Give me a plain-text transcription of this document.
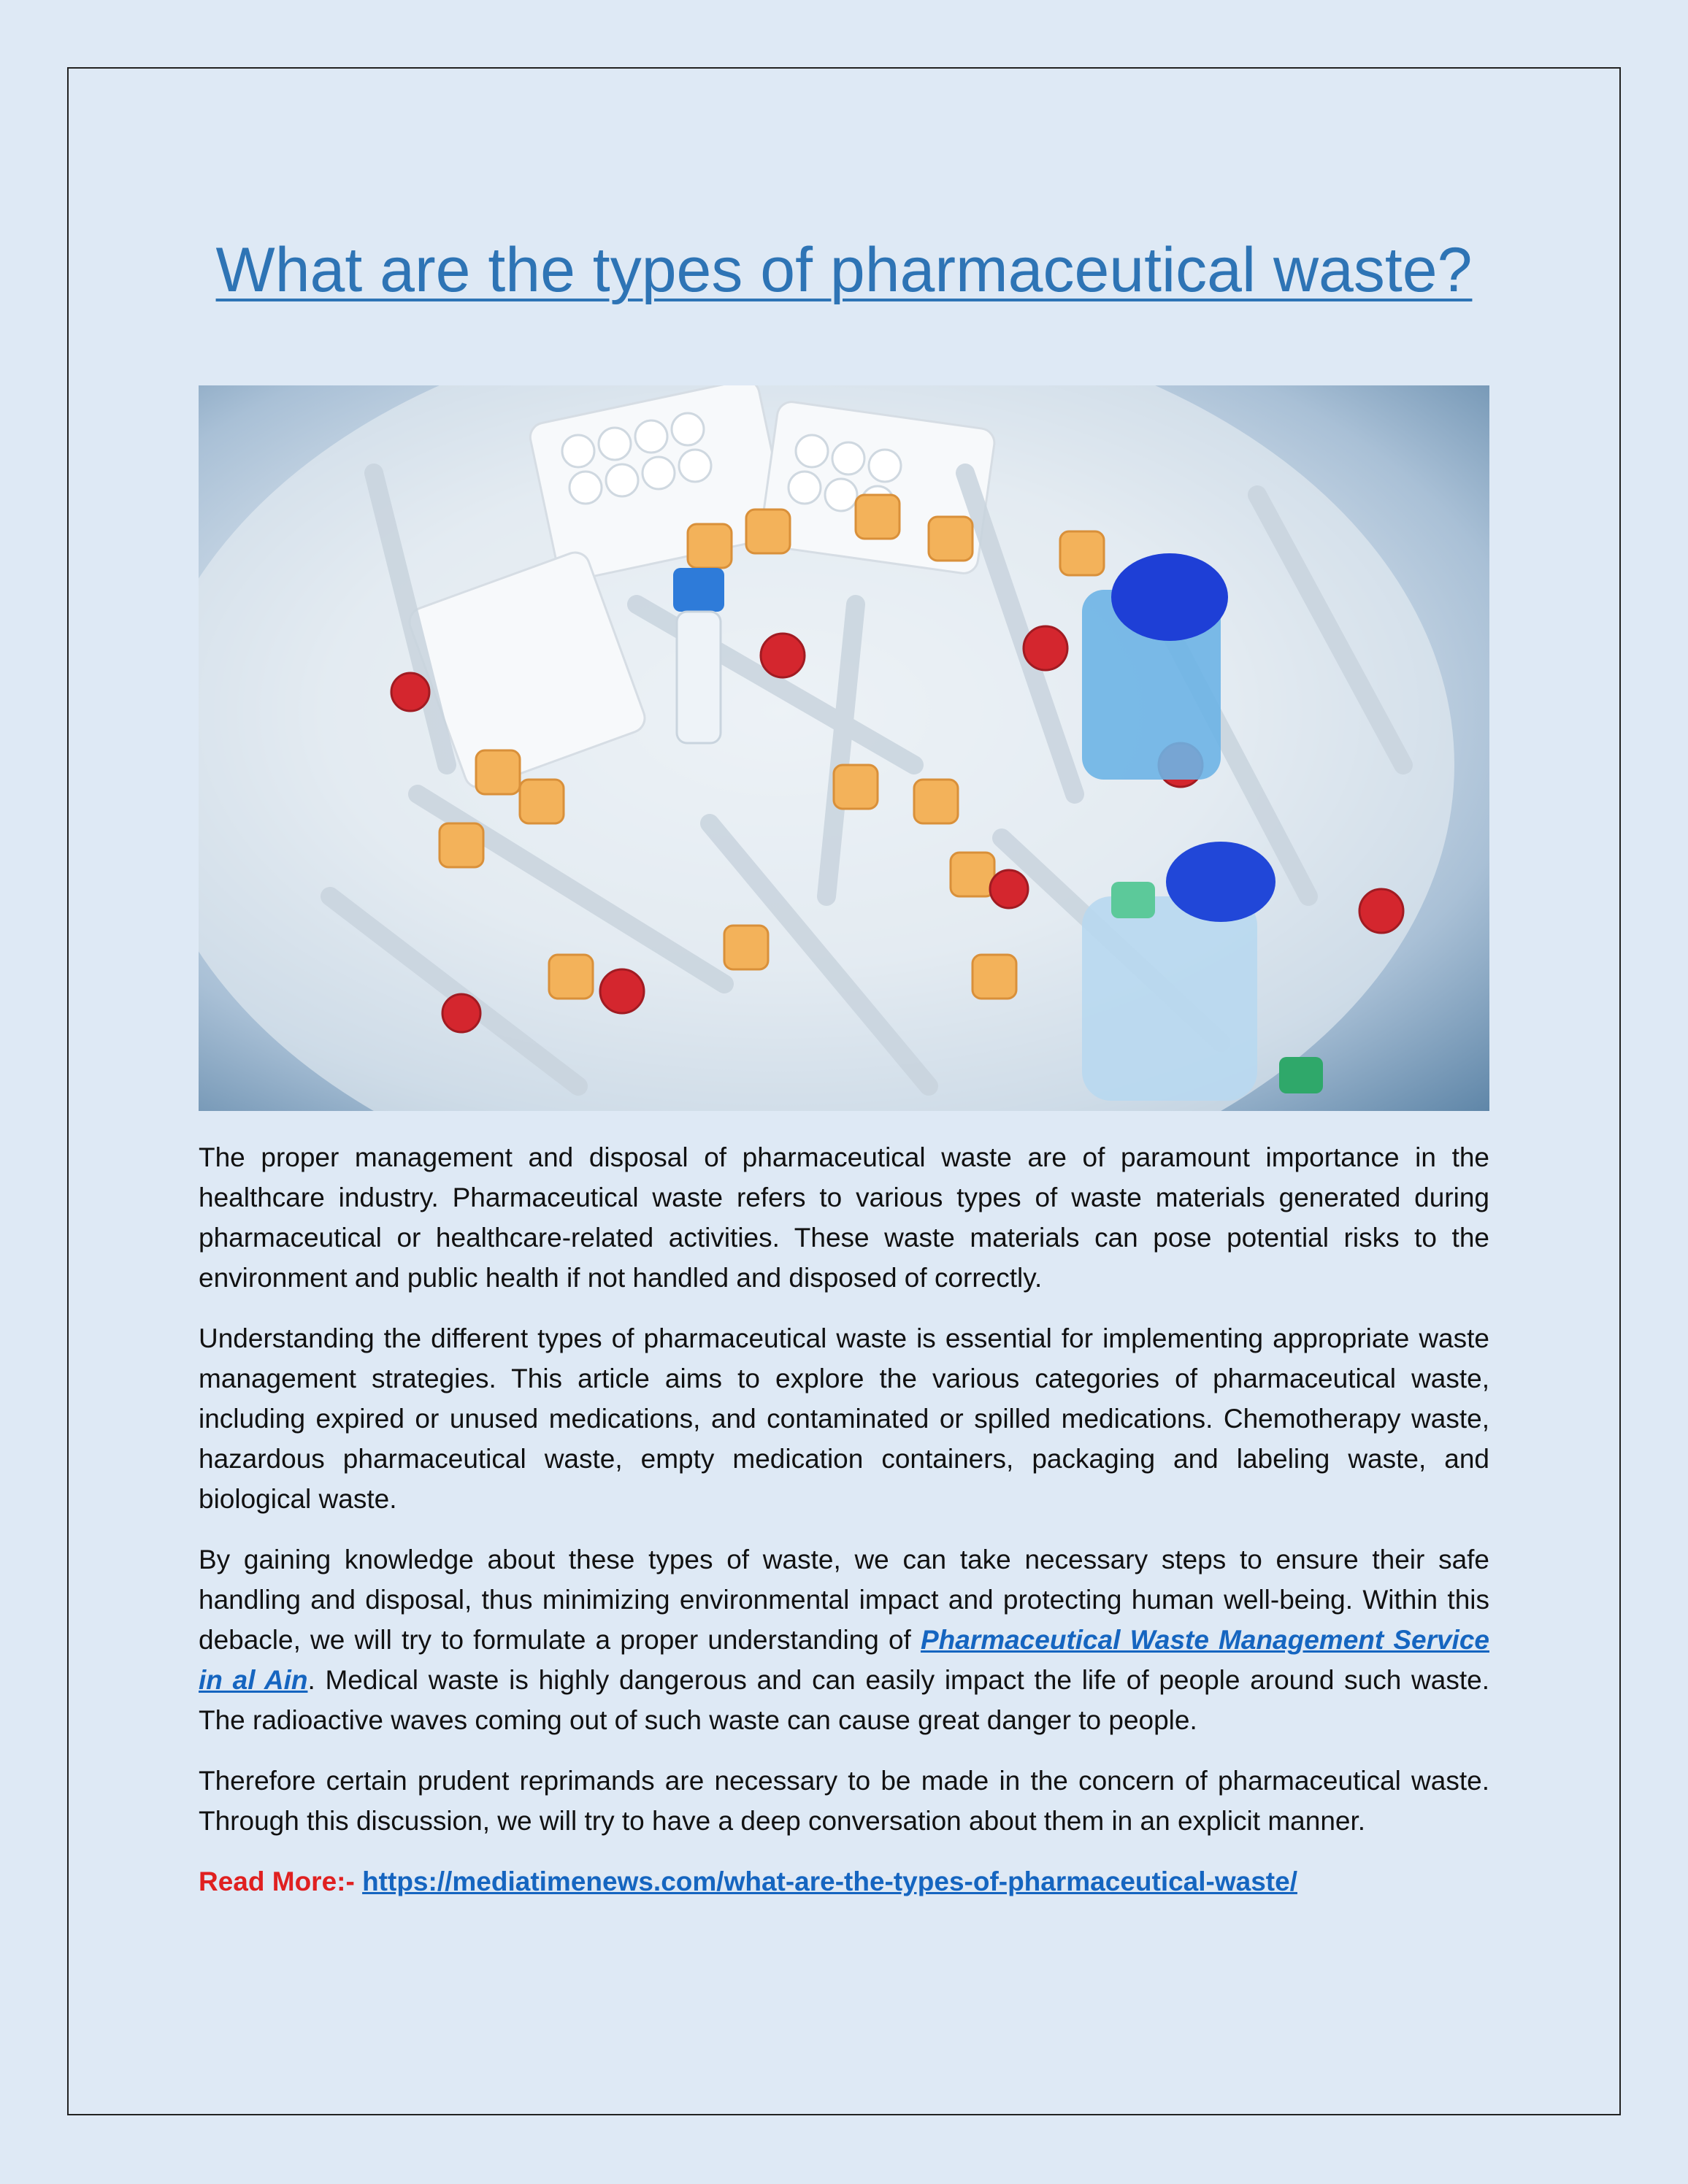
What are the types of pharmaceutical waste?

The proper management and disposal of pharmaceutical waste are of paramount importance in the healthcare industry. Pharmaceutical waste refers to various types of waste materials generated during pharmaceutical or healthcare-related activities. These waste materials can pose potential risks to the environment and public health if not handled and disposed of correctly.

Understanding the different types of pharmaceutical waste is essential for implementing appropriate waste management strategies. This article aims to explore the various categories of pharmaceutical waste, including expired or unused medications, and contaminated or spilled medications. Chemotherapy waste, hazardous pharmaceutical waste, empty medication containers, packaging and labeling waste, and biological waste.

By gaining knowledge about these types of waste, we can take necessary steps to ensure their safe handling and disposal, thus minimizing environmental impact and protecting human well-being. Within this debacle, we will try to formulate a proper understanding of Pharmaceutical Waste Management Service in al Ain. Medical waste is highly dangerous and can easily impact the life of people around such waste. The radioactive waves coming out of such waste can cause great danger to people.

Therefore certain prudent reprimands are necessary to be made in the concern of pharmaceutical waste. Through this discussion, we will try to have a deep conversation about them in an explicit manner.

Read More:- https://mediatimenews.com/what-are-the-types-of-pharmaceutical-waste/
